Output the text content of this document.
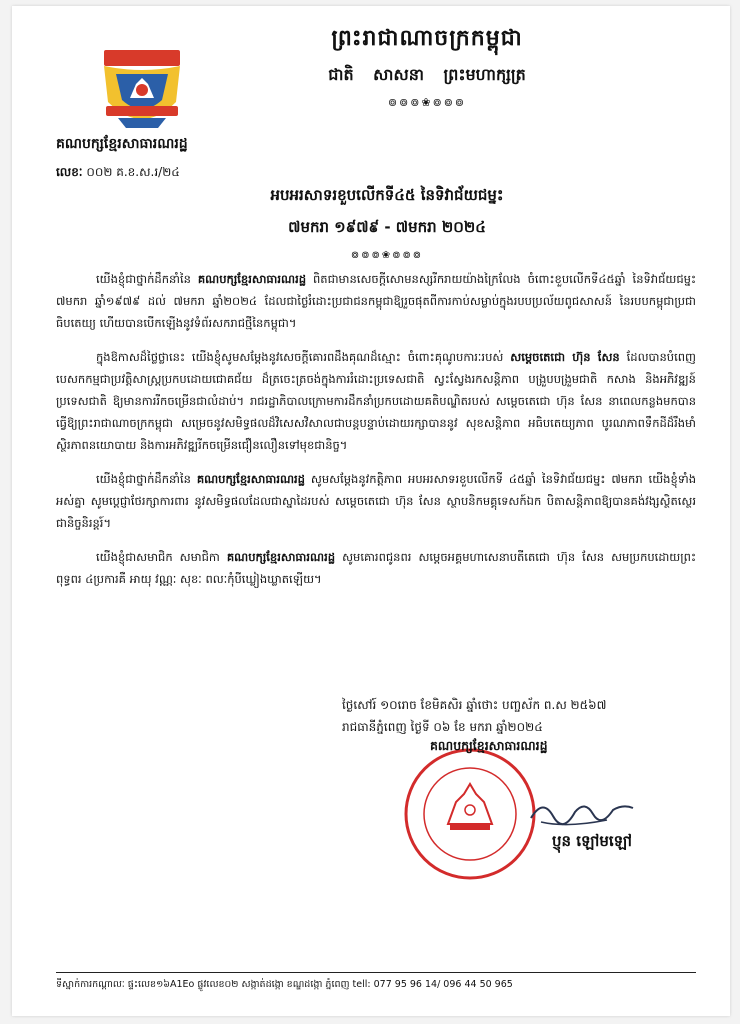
ព្រះរាជាណាចក្រកម្ពុជា
ជាតិ សាសនា ព្រះមហាក្សត្រ
៙៙៙❀៙៙៙
គណបក្សខ្មែរសាធារណរដ្ឋ
លេខៈ ០០២ គ.ខ.ស.រ/២៤
អបអរសាទរខួបលើកទី៤៥ នៃទិវាជ័យជម្នះ
៧មករា ១៩៧៩ - ៧មករា ២០២៤
៙៙៙❀៙៙៙

យើងខ្ញុំជាថ្នាក់ដឹកនាំនៃ គណបក្សខ្មែរសាធារណរដ្ឋ ពិតជាមានសេចក្តីសោមនស្សរីករាយយ៉ាងក្រៃលែង ចំពោះខួបលើកទី៤៥ឆ្នាំ នៃទិវាជ័យជម្នះ ៧មករា ឆ្នាំ១៩៧៩ ដល់ ៧មករា ឆ្នាំ២០២៤ ដែលជាថ្ងៃរំដោះប្រជាជនកម្ពុជាឱ្យរួចផុតពីការកាប់សម្លាប់ក្នុងរបបប្រល័យពូជសាសន៍ នៃរបបកម្ពុជាប្រជាធិបតេយ្យ ហើយបានបើកឡើងនូវទំព័រសករាជថ្មីនៃកម្ពុជា។

ក្នុងឱកាសដ៏ថ្លៃថ្លានេះ យើងខ្ញុំសូមសម្តែងនូវសេចក្តីគោរពដឹងគុណដ៏ស្មោះ ចំពោះគុណូបការៈរបស់ សម្តេចតេជោ ហ៊ុន សែន ដែលបានបំពេញបេសកកម្មជាប្រវត្តិសាស្ត្រប្រកបដោយជោគជ័យ ដ៏ត្រចេះត្រចង់ក្នុងការរំដោះប្រទេសជាតិ ស្វះស្វែងរកសន្តិភាព បង្រួបបង្រួមជាតិ កសាង និងអភិវឌ្ឍន៍ប្រទេសជាតិ ឱ្យមានការរីកចម្រើនជាលំដាប់។ រាជរដ្ឋាភិបាលក្រោមការដឹកនាំប្រកបដោយគតិបណ្ឌិតរបស់ សម្តេចតេជោ ហ៊ុន សែន នាពេលកន្លងមកបានធ្វើឱ្យព្រះរាជាណាចក្រកម្ពុជា សម្រេចនូវសមិទ្ធផលដ៏វិសេសវិសាលជាបន្តបន្ទាប់ដោយរក្សាបាននូវ សុខសន្តិភាព អធិបតេយ្យភាព បូរណភាពទឹកដីដ៏រឹងមាំ ស្ថិរភាពនយោបាយ និងការអភិវឌ្ឍរីកចម្រើនជឿនលឿនទៅមុខជានិច្ច។

យើងខ្ញុំជាថ្នាក់ដឹកនាំនៃ គណបក្សខ្មែរសាធារណរដ្ឋ សូមសម្តែងនូវកត្តិភាព អបអរសាទរខួបលើកទី ៤៥ឆ្នាំ នៃទិវាជ័យជម្នះ ៧មករា យើងខ្ញុំទាំងអស់គ្នា សូមប្តេជ្ញាថែរក្សាការពារ នូវសមិទ្ធផលដែលជាស្នាដៃរបស់ សម្តេចតេជោ ហ៊ុន សែន ស្ថាបនិកមគ្គុទេសក៍ឯក បិតាសន្តិភាពឱ្យបានគង់វង្សស្ថិតស្ថេរជានិច្ចនិរន្តរ៍។

យើងខ្ញុំជាសមាជិក សមាជិកា គណបក្សខ្មែរសាធារណរដ្ឋ សូមគោរពជូនពរ សម្តេចអគ្គមហាសេនាបតីតេជោ ហ៊ុន សែន សមប្រកបដោយព្រះពុទ្ធពរ ៤ប្រការគឺ អាយុ វណ្ណៈ សុខៈ ពលៈកុំបីឃ្លៀងឃ្លាតឡើយ។

ថ្ងៃសៅរ៍ ១០រោច ខែមិគសិរ ឆ្នាំថោះ បញ្ចស័ក ព.ស ២៥៦៧
រាជធានីភ្នំពេញ ថ្ងៃទី ០៦ ខែ មករា ឆ្នាំ២០២៤
គណបក្សខ្មែរសាធារណរដ្ឋ
ប្ញុន ឡៅមឡៅ
ទីស្នាក់ការកណ្តាលៈ ផ្ទះលេខ១៦A1Eo ផ្លូវលេខ០២ សង្កាត់ដង្កោ ខណ្ឌដង្កោ ភ្នំពេញ tell: 077 95 96 14/ 096 44 50 965
